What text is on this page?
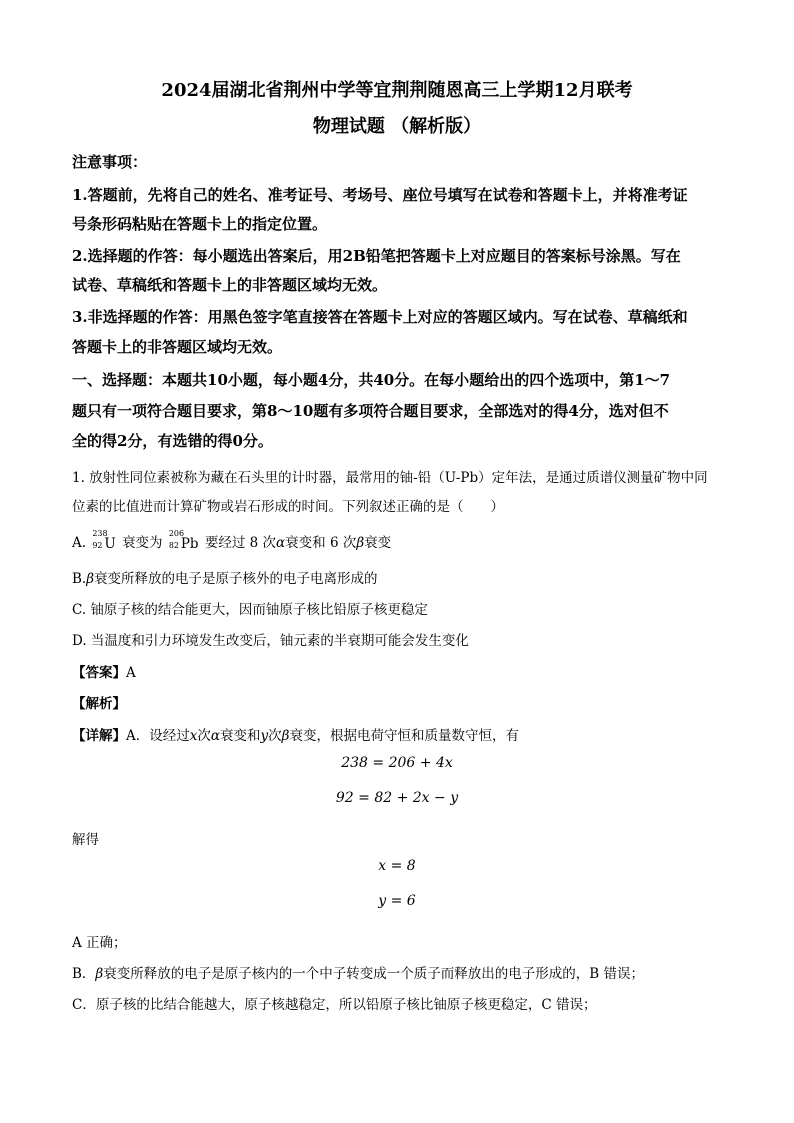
2024届湖北省荆州中学等宜荆荆随恩高三上学期12月联考
物理试题 （解析版）
注意事项：
1.答题前，先将自己的姓名、准考证号、考场号、座位号填写在试卷和答题卡上，并将准考证
号条形码粘贴在答题卡上的指定位置。
2.选择题的作答：每小题选出答案后，用2B铅笔把答题卡上对应题目的答案标号涂黑。写在
试卷、草稿纸和答题卡上的非答题区域均无效。
3.非选择题的作答：用黑色签字笔直接答在答题卡上对应的答题区域内。写在试卷、草稿纸和
答题卡上的非答题区域均无效。
一、选择题：本题共10小题，每小题4分，共40分。在每小题给出的四个选项中，第1～7
题只有一项符合题目要求，第8～10题有多项符合题目要求，全部选对的得4分，选对但不
全的得2分，有选错的得0分。
1. 放射性同位素被称为藏在石头里的计时器，最常用的铀-铅（U-Pb）定年法，是通过质谱仪测量矿物中同
位素的比值进而计算矿物或岩石形成的时间。下列叙述正确的是（　　）
A.
238
92 U 衰变为
206
82 Pb 要经过 8 次α衰变和 6 次β衰变
B.β衰变所释放的电子是原子核外的电子电离形成的
C. 铀原子核的结合能更大，因而铀原子核比铅原子核更稳定
D. 当温度和引力环境发生改变后，铀元素的半衰期可能会发生变化
【答案】A
【解析】
【详解】A．设经过x次α衰变和y次β衰变，根据电荷守恒和质量数守恒，有
238 = 206 + 4x
92 = 82 + 2x − y
解得
x = 8
y = 6
A 正确；
B．β衰变所释放的电子是原子核内的一个中子转变成一个质子而释放出的电子形成的，B 错误；
C．原子核的比结合能越大，原子核越稳定，所以铅原子核比铀原子核更稳定，C 错误；
